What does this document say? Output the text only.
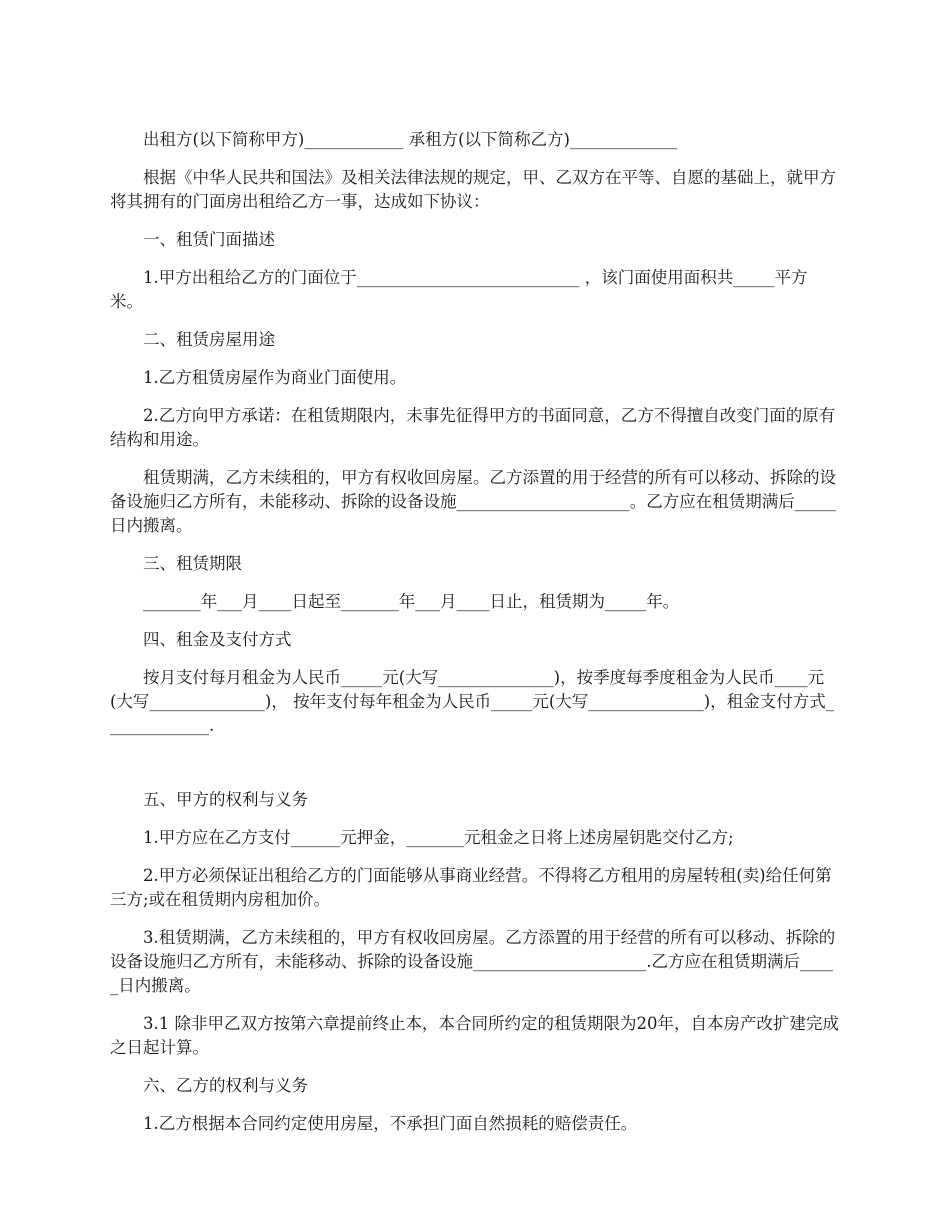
出租方(以下简称甲方)____________ 承租方(以下简称乙方)_____________

根据《中华人民共和国法》及相关法律法规的规定，甲、乙双方在平等、自愿的基础上，就甲方将其拥有的门面房出租给乙方一事，达成如下协议：

一、租赁门面描述

1.甲方出租给乙方的门面位于___________________________ ，该门面使用面积共_____平方米。

二、租赁房屋用途

1.乙方租赁房屋作为商业门面使用。

2.乙方向甲方承诺：在租赁期限内，未事先征得甲方的书面同意，乙方不得擅自改变门面的原有结构和用途。

租赁期满，乙方未续租的，甲方有权收回房屋。乙方添置的用于经营的所有可以移动、拆除的设备设施归乙方所有，未能移动、拆除的设备设施_____________________。乙方应在租赁期满后_____日内搬离。

三、租赁期限

_______年___月____日起至_______年___月____日止，租赁期为_____年。

四、租金及支付方式

按月支付每月租金为人民币_____元(大写______________)，按季度每季度租金为人民币____元(大写______________)， 按年支付每年租金为人民币_____元(大写______________)，租金支付方式_____________.

五、甲方的权利与义务

1.甲方应在乙方支付______元押金，_______元租金之日将上述房屋钥匙交付乙方;

2.甲方必须保证出租给乙方的门面能够从事商业经营。不得将乙方租用的房屋转租(卖)给任何第三方;或在租赁期内房租加价。

3.租赁期满，乙方未续租的，甲方有权收回房屋。乙方添置的用于经营的所有可以移动、拆除的设备设施归乙方所有，未能移动、拆除的设备设施_____________________.乙方应在租赁期满后_____日内搬离。

3.1 除非甲乙双方按第六章提前终止本，本合同所约定的租赁期限为20年，自本房产改扩建完成之日起计算。

六、乙方的权利与义务

1.乙方根据本合同约定使用房屋，不承担门面自然损耗的赔偿责任。
